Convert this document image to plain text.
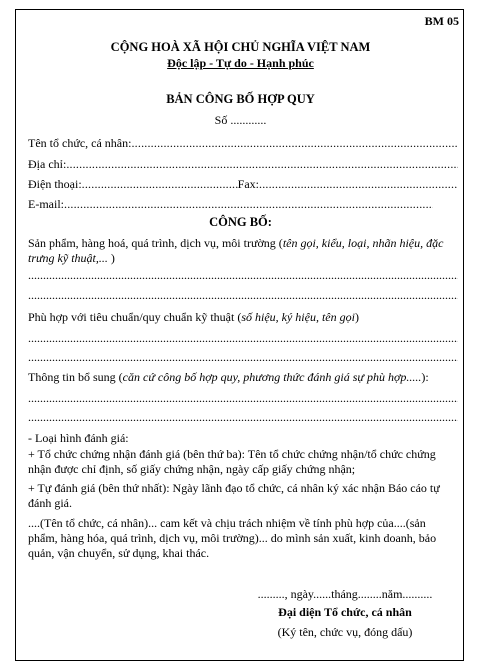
BM 05
CỘNG HOÀ XÃ HỘI CHỦ NGHĨA VIỆT NAM
Độc lập - Tự do - Hạnh phúc
BẢN CÔNG BỐ HỢP QUY
Số ............
Tên tổ chức, cá nhân:
.....
Địa chỉ:
.....
Điện thoại:
.....	Fax:
.....
E-mail:
.....
CÔNG BỐ:
Sản phẩm, hàng hoá, quá trình, dịch vụ, môi trường (tên gọi, kiểu, loại, nhãn hiệu, đặc trưng kỹ thuật,... )
.....
.....
Phù hợp với tiêu chuẩn/quy chuẩn kỹ thuật (số hiệu, ký hiệu, tên gọi)
.....
.....
Thông tin bổ sung (căn cứ công bố hợp quy, phương thức đánh giá sự phù hợp.....):
.....
.....
- Loại hình đánh giá:
+ Tổ chức chứng nhận đánh giá (bên thứ ba): Tên tổ chức chứng nhận/tổ chức chứng nhận được chỉ định, số giấy chứng nhận, ngày cấp giấy chứng nhận;
+ Tự đánh giá (bên thứ nhất): Ngày lãnh đạo tổ chức, cá nhân ký xác nhận Báo cáo tự đánh giá.
....(Tên tổ chức, cá nhân)... cam kết và chịu trách nhiệm về tính phù hợp của....(sản phẩm, hàng hóa, quá trình, dịch vụ, môi trường)... do mình sản xuất, kinh doanh, bảo quản, vận chuyển, sử dụng, khai thác.
........., ngày......tháng........năm..........
Đại diện Tổ chức, cá nhân
(Ký tên, chức vụ, đóng dấu)
